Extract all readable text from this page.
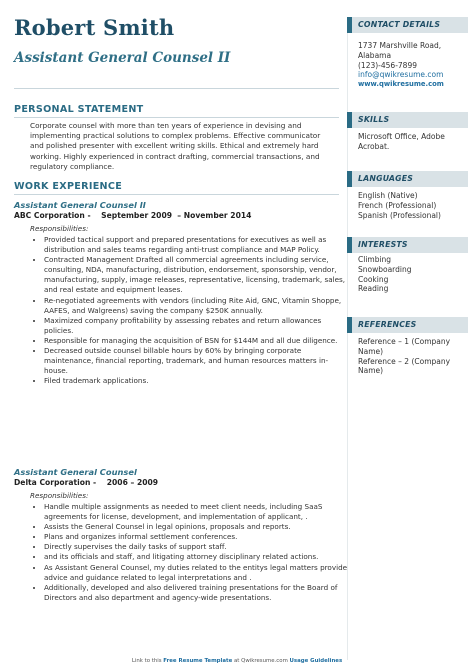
Robert Smith
Assistant General Counsel II
PERSONAL STATEMENT
Corporate counsel with more than ten years of experience in devising and implementing practical solutions to complex problems. Effective communicator and polished presenter with excellent writing skills. Ethical and extremely hard working. Highly experienced in contract drafting, commercial transactions, and regulatory compliance.
WORK EXPERIENCE
Assistant General Counsel II
ABC Corporation -    September 2009  – November 2014
Responsibilities:
• Provided tactical support and prepared presentations for executives as well as distribution and sales teams regarding anti-trust compliance and MAP Policy.
• Contracted Management Drafted all commercial agreements including service, consulting, NDA, manufacturing, distribution, endorsement, sponsorship, vendor, manufacturing, supply, image releases, representative, licensing, trademark, sales, and real estate and equipment leases.
• Re-negotiated agreements with vendors (including Rite Aid, GNC, Vitamin Shoppe, AAFES, and Walgreens) saving the company $250K annually.
• Maximized company profitability by assessing rebates and return allowances policies.
• Responsible for managing the acquisition of BSN for $144M and all due diligence.
• Decreased outside counsel billable hours by 60% by bringing corporate maintenance, financial reporting, trademark, and human resources matters in-house.
• Filed trademark applications.
Assistant General Counsel
Delta Corporation -    2006 – 2009
Responsibilities:
• Handle multiple assignments as needed to meet client needs, including SaaS agreements for license, development, and implementation of applicant, .
• Assists the General Counsel in legal opinions, proposals and reports.
• Plans and organizes informal settlement conferences.
• Directly supervises the daily tasks of support staff.
• and its officials and staff, and litigating attorney disciplinary related actions.
• As Assistant General Counsel, my duties related to the entitys legal matters provide advice and guidance related to legal interpretations and .
• Additionally, developed and also delivered training presentations for the Board of Directors and also department and agency-wide presentations.
CONTACT DETAILS
1737 Marshville Road,
Alabama
(123)-456-7899
info@qwikresume.com
www.qwikresume.com
SKILLS
Microsoft Office, Adobe Acrobat.
LANGUAGES
English (Native)
French (Professional)
Spanish (Professional)
INTERESTS
Climbing
Snowboarding
Cooking
Reading
REFERENCES
Reference – 1 (Company Name)
Reference – 2 (Company Name)
Link to this Free Resume Template at Qwikresume.com Usage Guidelines
